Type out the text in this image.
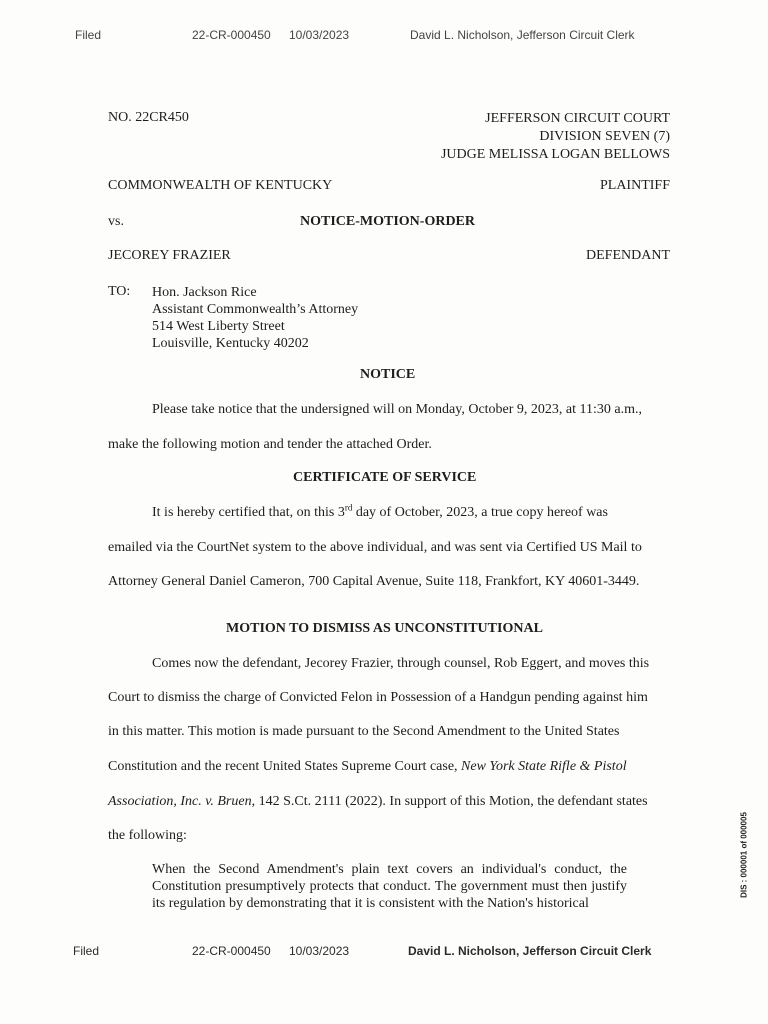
Filed	22-CR-000450 10/03/2023	David L. Nicholson, Jefferson Circuit Clerk
NO. 22CR450	JEFFERSON CIRCUIT COURT
DIVISION SEVEN (7)
JUDGE MELISSA LOGAN BELLOWS
COMMONWEALTH OF KENTUCKY	PLAINTIFF
vs.	NOTICE-MOTION-ORDER
JECOREY FRAZIER	DEFENDANT
TO: Hon. Jackson Rice
Assistant Commonwealth’s Attorney
514 West Liberty Street
Louisville, Kentucky 40202
NOTICE
Please take notice that the undersigned will on Monday, October 9, 2023, at 11:30 a.m.,
make the following motion and tender the attached Order.
CERTIFICATE OF SERVICE
It is hereby certified that, on this 3rd day of October, 2023, a true copy hereof was
emailed via the CourtNet system to the above individual, and was sent via Certified US Mail to
Attorney General Daniel Cameron, 700 Capital Avenue, Suite 118, Frankfort, KY 40601-3449.
MOTION TO DISMISS AS UNCONSTITUTIONAL
Comes now the defendant, Jecorey Frazier, through counsel, Rob Eggert, and moves this
Court to dismiss the charge of Convicted Felon in Possession of a Handgun pending against him
in this matter. This motion is made pursuant to the Second Amendment to the United States
Constitution and the recent United States Supreme Court case, New York State Rifle & Pistol
Association, Inc. v. Bruen, 142 S.Ct. 2111 (2022). In support of this Motion, the defendant states
the following:
When the Second Amendment's plain text covers an individual's conduct, the Constitution presumptively protects that conduct. The government must then justify its regulation by demonstrating that it is consistent with the Nation's historical
DIS : 000001 of 000005
Filed	22-CR-000450 10/03/2023	David L. Nicholson, Jefferson Circuit Clerk
